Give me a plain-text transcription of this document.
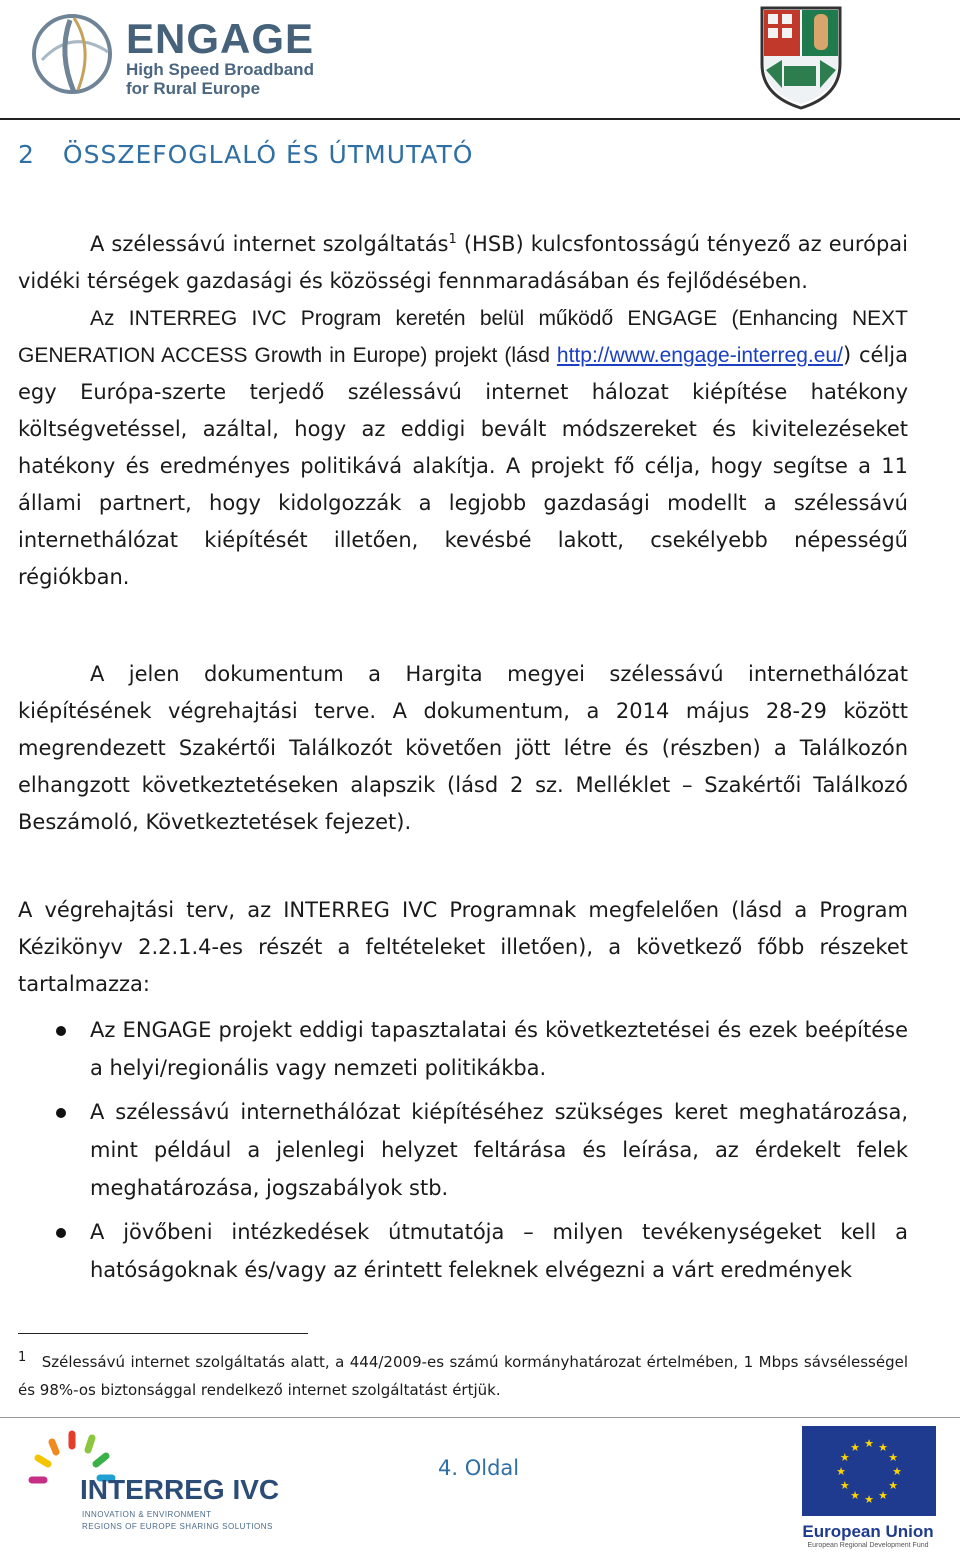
ENGAGE
High Speed Broadband
for Rural Europe
2 ÖSSZEFOGLALÓ ÉS ÚTMUTATÓ

A szélessávú internet szolgáltatás$^1$ (HSB) kulcsfontosságú tényező az európai vidéki térségek gazdasági és közösségi fennmaradásában és fejlődésében.

Az INTERREG IVC Program keretén belül működő ENGAGE (Enhancing NEXT GENERATION ACCESS Growth in Europe) projekt (lásd http://www.engage-interreg.eu/) célja egy Európa-szerte terjedő szélessávú internet hálozat kiépítése hatékony költségvetéssel, azáltal, hogy az eddigi bevált módszereket és kivitelezéseket hatékony és eredményes politikává alakítja. A projekt fő célja, hogy segítse a 11 állami partnert, hogy kidolgozzák a legjobb gazdasági modellt a szélessávú internethálózat kiépítését illetően, kevésbé lakott, csekélyebb népességű régiókban.

A jelen dokumentum a Hargita megyei szélessávú internethálózat kiépítésének végrehajtási terve. A dokumentum, a 2014 május 28-29 között megrendezett Szakértői Találkozót követően jött létre és (részben) a Találkozón elhangzott következtetéseken alapszik (lásd 2 sz. Melléklet – Szakértői Találkozó Beszámoló, Következtetések fejezet).

A végrehajtási terv, az INTERREG IVC Programnak megfelelően (lásd a Program Kézikönyv 2.2.1.4-es részét a feltételeket illetően), a következő főbb részeket tartalmazza:

Az ENGAGE projekt eddigi tapasztalatai és következtetései és ezek beépítése a helyi/regionális vagy nemzeti politikákba.
A szélessávú internethálózat kiépítéséhez szükséges keret meghatározása, mint például a jelenlegi helyzet feltárása és leírása, az érdekelt felek meghatározása, jogszabályok stb.
A jövőbeni intézkedések útmutatója – milyen tevékenységeket kell a hatóságoknak és/vagy az érintett feleknek elvégezni a várt eredmények
$^1$ Szélessávú internet szolgáltatás alatt, a 444/2009-es számú kormányhatározat értelmében, 1 Mbps sávsélességel és 98%-os biztonsággal rendelkező internet szolgáltatást értjük.
INTERREG IVC
INNOVATION & ENVIRONMENT
REGIONS OF EUROPE SHARING SOLUTIONS
4. Oldal	★
★
★
★
★
★
★
★
★ ★ ★
★
European Union
European Regional Development Fund
